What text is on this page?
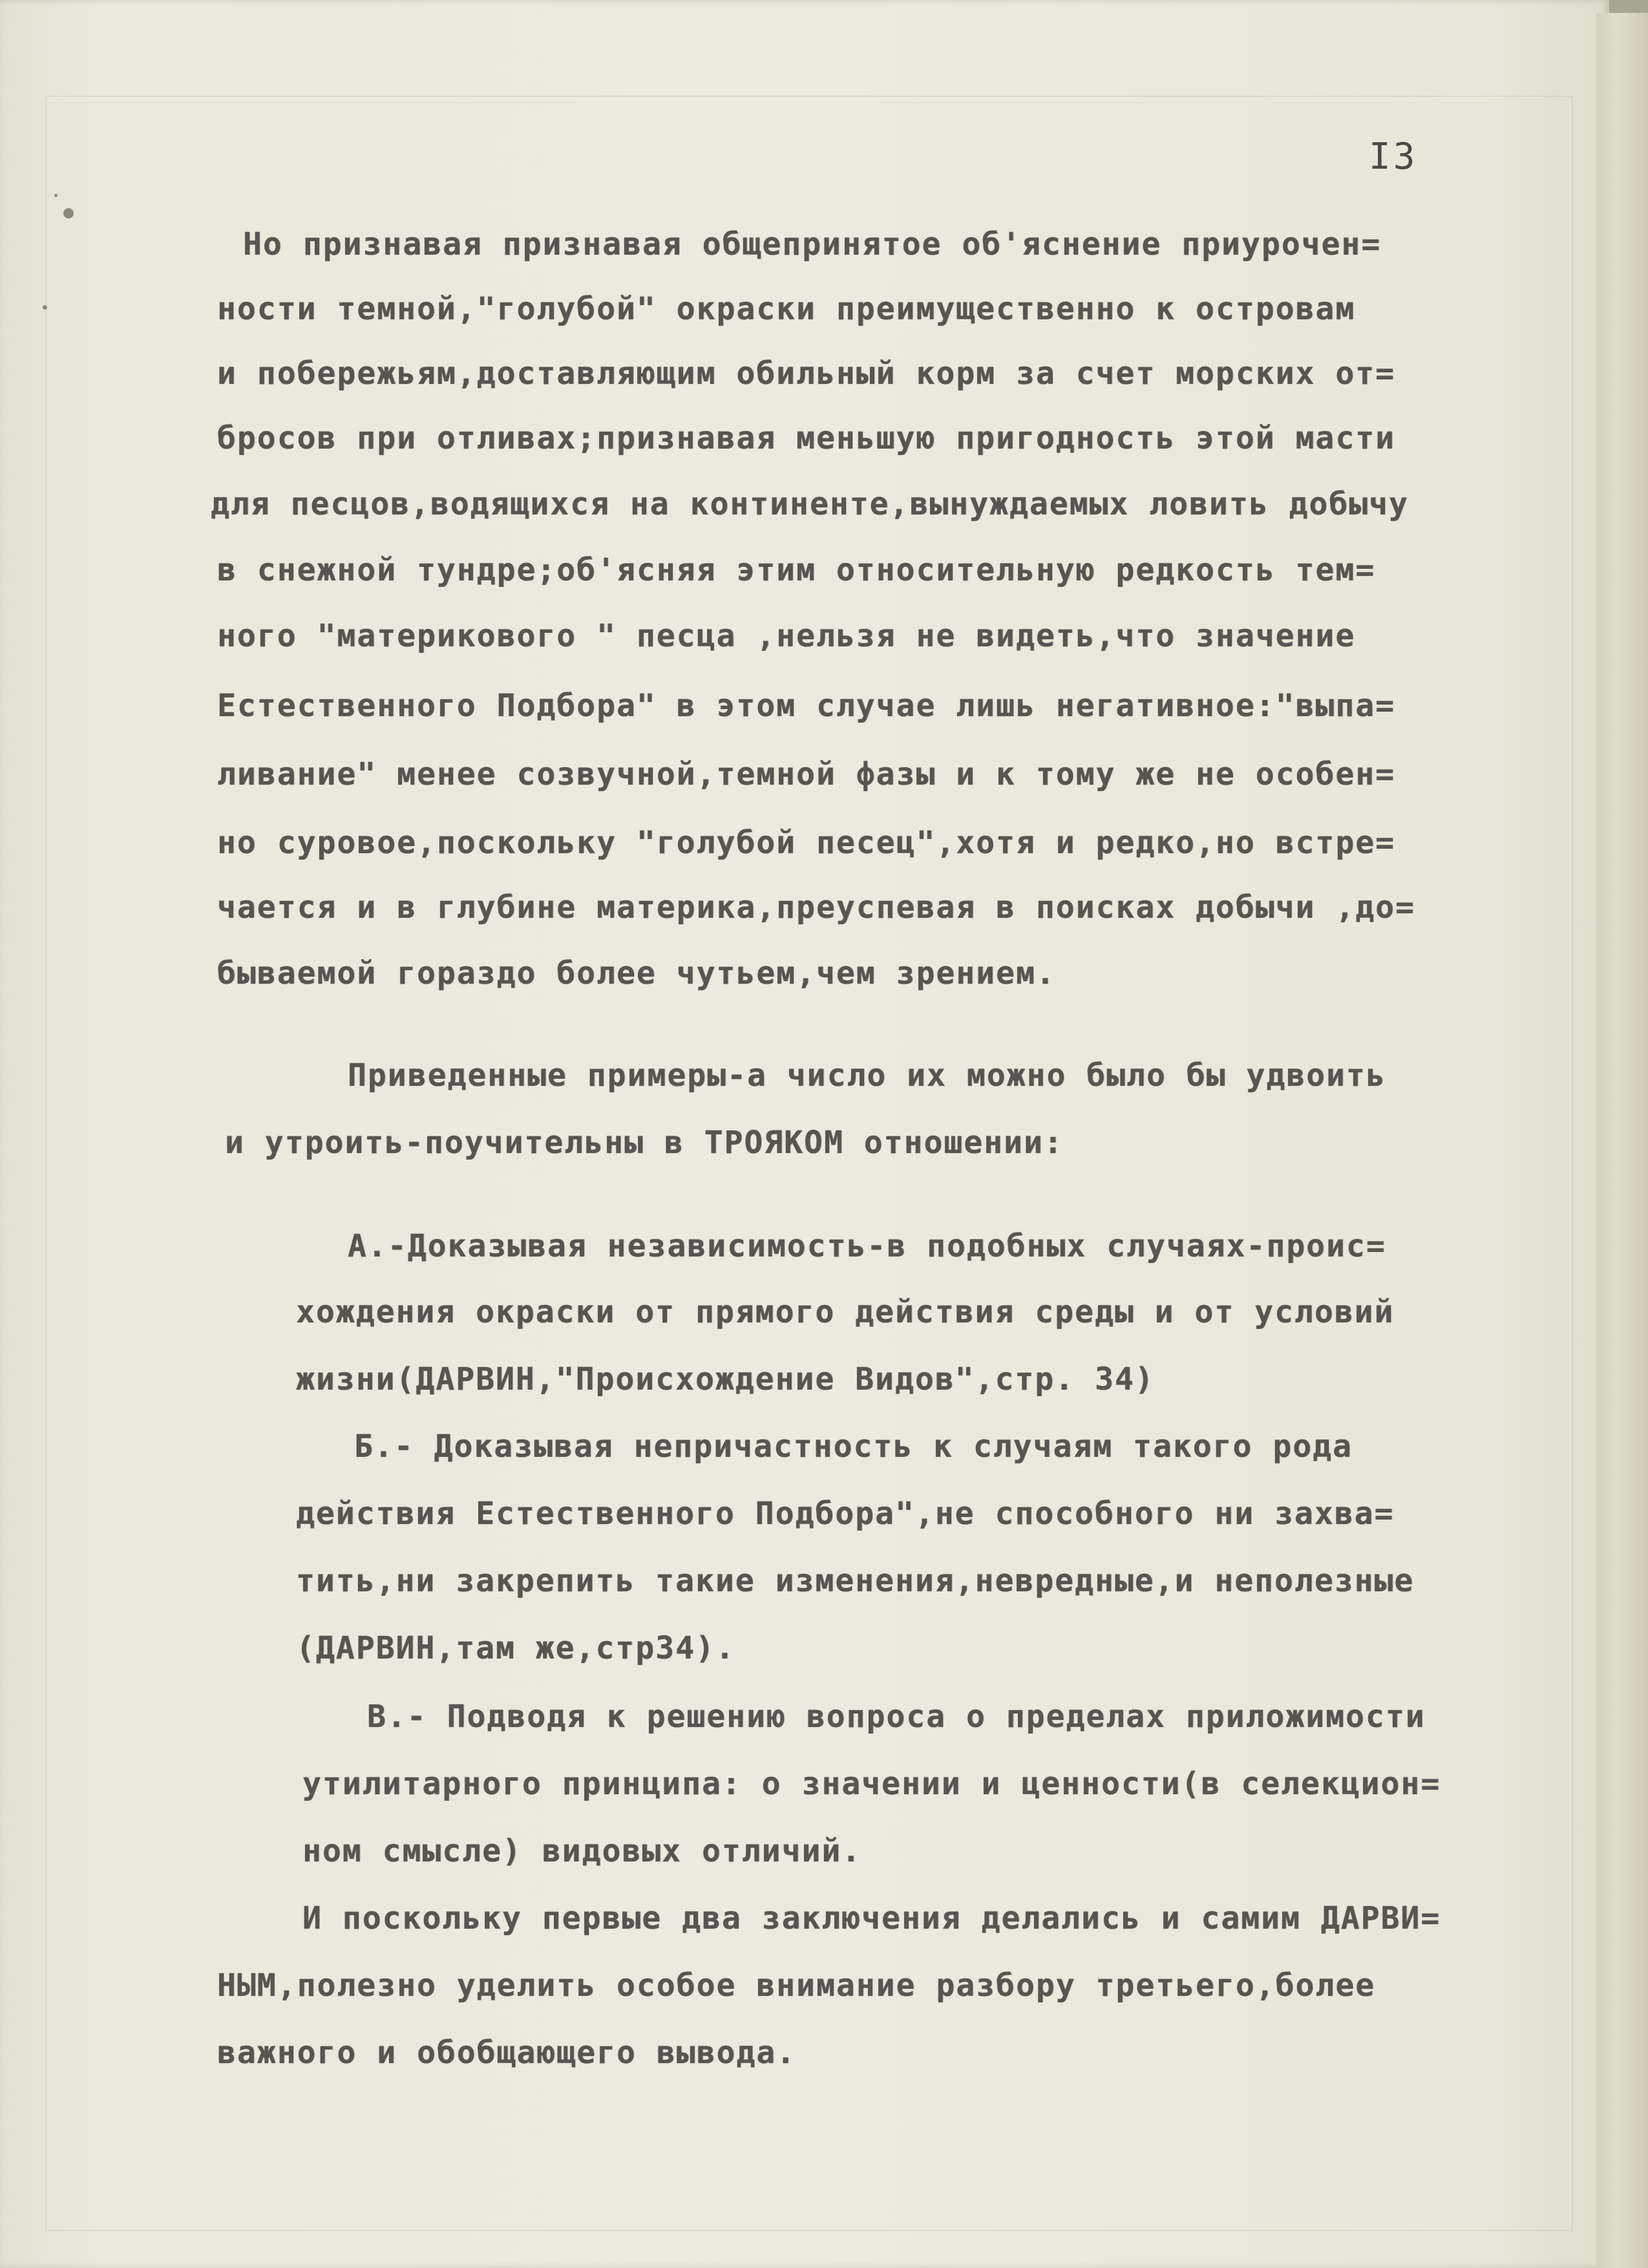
I3
Но признавая признавая общепринятое об'яснение приурочен=
ности темной,"голубой" окраски преимущественно к островам
и побережьям,доставляющим обильный корм за счет морских от=
бросов при отливах;признавая меньшую пригодность этой масти
для песцов,водящихся на континенте,вынуждаемых ловить добычу
в снежной тундре;об'ясняя этим относительную редкость тем=
ного "материкового " песца ,нельзя не видеть,что значение
Естественного Подбора" в этом случае лишь негативное:"выпа=
ливание" менее созвучной,темной фазы и к тому же не особен=
но суровое,поскольку "голубой песец",хотя и редко,но встре=
чается и в глубине материка,преуспевая в поисках добычи ,до=
бываемой гораздо более чутьем,чем зрением.
Приведенные примеры-а число их можно было бы удвоить
и утроить-поучительны в ТРОЯКОМ отношении:
А.-Доказывая независимость-в подобных случаях-проис=
хождения окраски от прямого действия среды и от условий
жизни(ДАРВИН,"Происхождение Видов",стр. 34)
Б.- Доказывая непричастность к случаям такого рода
действия Естественного Подбора",не способного ни захва=
тить,ни закрепить такие изменения,невредные,и неполезные
(ДАРВИН,там же,стр34).
В.- Подводя к решению вопроса о пределах приложимости
утилитарного принципа: о значении и ценности(в селекцион=
ном смысле) видовых отличий.
И поскольку первые два заключения делались и самим ДАРВИ=
НЫМ,полезно уделить особое внимание разбору третьего,более
важного и обобщающего вывода.
